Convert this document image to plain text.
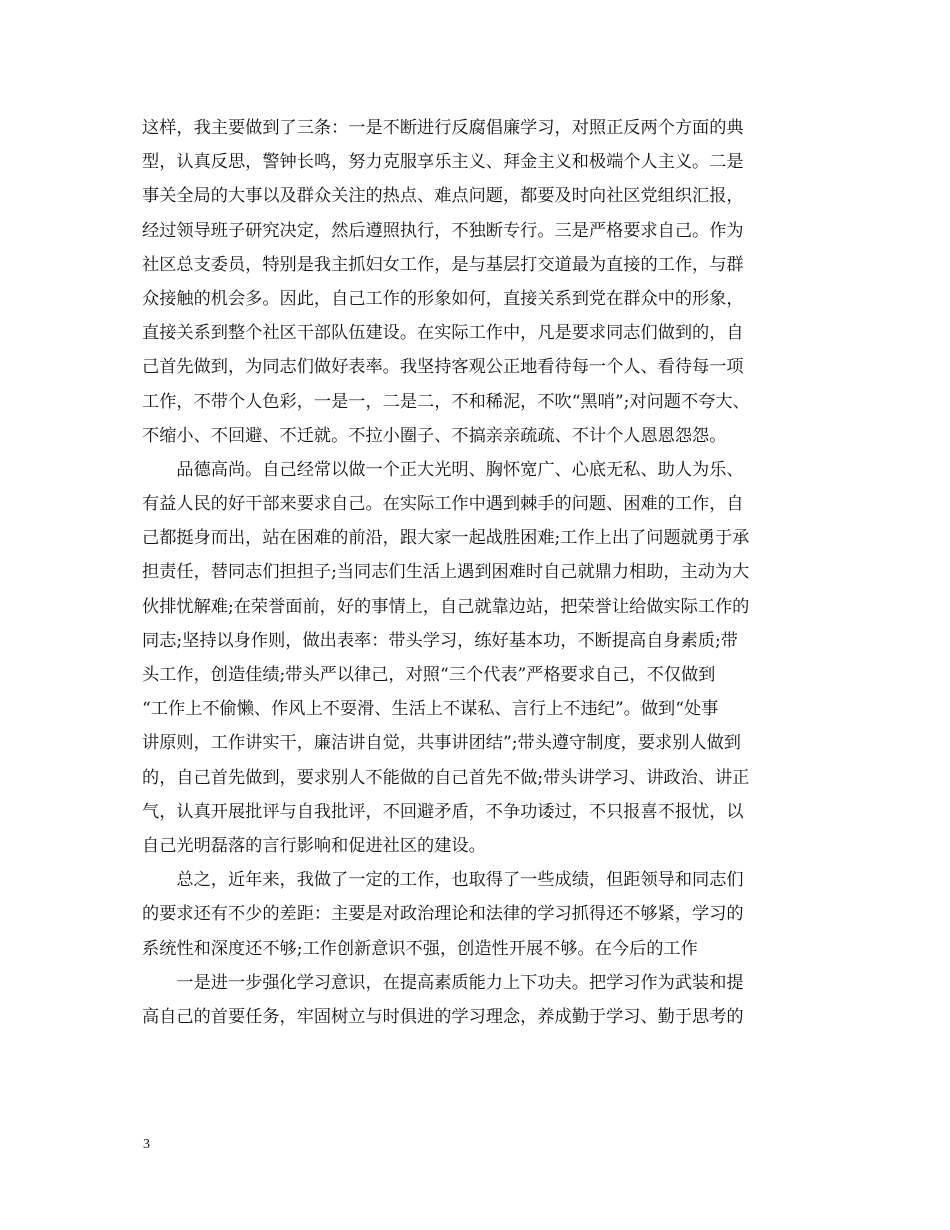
这样，我主要做到了三条：一是不断进行反腐倡廉学习，对照正反两个方面的典
型，认真反思，警钟长鸣，努力克服享乐主义、拜金主义和极端个人主义。二是
事关全局的大事以及群众关注的热点、难点问题，都要及时向社区党组织汇报，
经过领导班子研究决定，然后遵照执行，不独断专行。三是严格要求自己。作为
社区总支委员，特别是我主抓妇女工作，是与基层打交道最为直接的工作，与群
众接触的机会多。因此，自己工作的形象如何，直接关系到党在群众中的形象，
直接关系到整个社区干部队伍建设。在实际工作中，凡是要求同志们做到的，自
己首先做到，为同志们做好表率。我坚持客观公正地看待每一个人、看待每一项
工作，不带个人色彩，一是一，二是二，不和稀泥，不吹“黑哨”;对问题不夸大、
不缩小、不回避、不迁就。不拉小圈子、不搞亲亲疏疏、不计个人恩恩怨怨。
　　品德高尚。自己经常以做一个正大光明、胸怀宽广、心底无私、助人为乐、
有益人民的好干部来要求自己。在实际工作中遇到棘手的问题、困难的工作，自
己都挺身而出，站在困难的前沿，跟大家一起战胜困难;工作上出了问题就勇于承
担责任，替同志们担担子;当同志们生活上遇到困难时自己就鼎力相助，主动为大
伙排忧解难;在荣誉面前，好的事情上，自己就靠边站，把荣誉让给做实际工作的
同志;坚持以身作则，做出表率：带头学习，练好基本功，不断提高自身素质;带
头工作，创造佳绩;带头严以律己，对照“三个代表”严格要求自己，不仅做到
“工作上不偷懒、作风上不耍滑、生活上不谋私、言行上不违纪”。做到“处事
讲原则，工作讲实干，廉洁讲自觉，共事讲团结”;带头遵守制度，要求别人做到
的，自己首先做到，要求别人不能做的自己首先不做;带头讲学习、讲政治、讲正
气，认真开展批评与自我批评，不回避矛盾，不争功诿过，不只报喜不报忧，以
自己光明磊落的言行影响和促进社区的建设。
　　总之，近年来，我做了一定的工作，也取得了一些成绩，但距领导和同志们
的要求还有不少的差距：主要是对政治理论和法律的学习抓得还不够紧，学习的
系统性和深度还不够;工作创新意识不强，创造性开展不够。在今后的工作
　　一是进一步强化学习意识，在提高素质能力上下功夫。把学习作为武装和提
高自己的首要任务，牢固树立与时俱进的学习理念，养成勤于学习、勤于思考的
3
